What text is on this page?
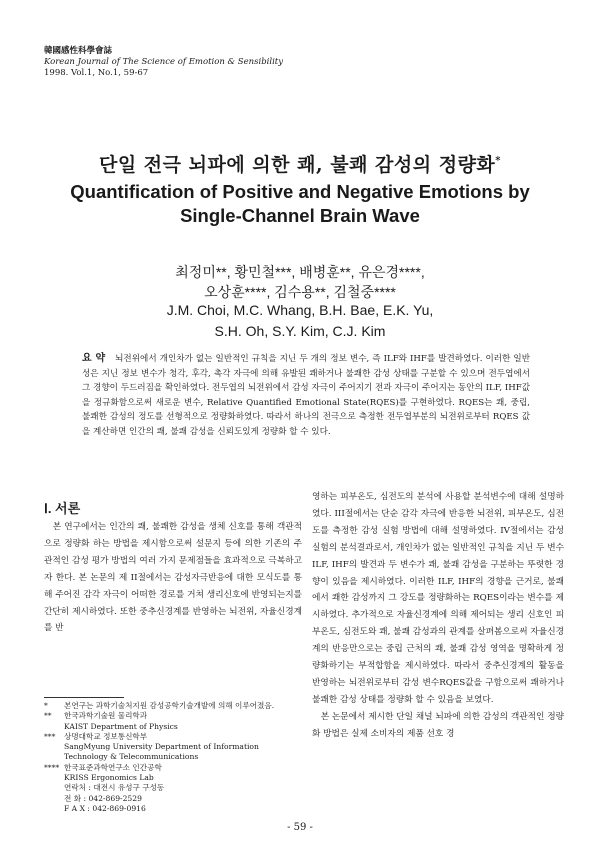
韓國感性科學會誌
Korean Journal of The Science of Emotion & Sensibility
1998. Vol.1, No.1, 59-67
단일 전극 뇌파에 의한 쾌, 불쾌 감성의 정량화*
Quantification of Positive and Negative Emotions by
Single-Channel Brain Wave
최정미**, 황민철***, 배병훈**, 유은경****,
오상훈****, 김수용**, 김철중****
J.M. Choi, M.C. Whang, B.H. Bae, E.K. Yu,
S.H. Oh, S.Y. Kim, C.J. Kim
요 약 뇌전위에서 개인차가 없는 일반적인 규칙을 지닌 두 개의 정보 변수, 즉 ILF와 IHF를 발견하였다. 이러한 일반성은 지닌 정보 변수가 청각, 후각, 촉각 자극에 의해 유발된 쾌하거나 불쾌한 감성 상태를 구분할 수 있으며 전두엽에서 그 경향이 두드러짐을 확인하였다. 전두엽의 뇌전위에서 감성 자극이 주어지기 전과 자극이 주어지는 동안의 ILF, IHF값을 정규화함으로써 새로운 변수, Relative Quantified Emotional State(RQES)를 구현하였다. RQES는 쾌, 중립, 불쾌한 감성의 정도를 선형적으로 정량화하였다. 따라서 하나의 전극으로 측정한 전두엽부분의 뇌전위로부터 RQES 값을 계산하면 인간의 쾌, 불쾌 감성을 신뢰도있게 정량화 할 수 있다.
Ⅰ. 서론

본 연구에서는 인간의 쾌, 불쾌한 감성을 생체 신호를 통해 객관적으로 정량화 하는 방법을 제시함으로써 설문지 등에 의한 기존의 주관적인 감성 평가 방법의 여러 가지 문제점들을 효과적으로 극복하고자 한다. 본 논문의 제 II절에서는 감성자극반응에 대한 모식도를 통해 주어진 감각 자극이 어떠한 경로를 거쳐 생리신호에 반영되는지를 간단히 제시하였다. 또한 중추신경계를 반영하는 뇌전위, 자율신경계를 반

영하는 피부온도, 심전도의 분석에 사용할 분석변수에 대해 설명하였다. III절에서는 단순 감각 자극에 반응한 뇌전위, 피부온도, 심전도를 측정한 감성 실험 방법에 대해 설명하였다. IV절에서는 감성 실험의 분석결과로서, 개인차가 없는 일반적인 규칙을 지닌 두 변수ILF, IHF의 발견과 두 변수가 쾌, 불쾌 감성을 구분하는 뚜렷한 경향이 있음을 제시하였다. 이러한 ILF, IHF의 경향을 근거로, 불쾌에서 쾌한 감성까지 그 강도를 정량화하는 RQES이라는 변수를 제시하였다. 추가적으로 자율신경계에 의해 제어되는 생리 신호인 피부온도, 심전도와 쾌, 불쾌 감성과의 관계를 살펴봄으로써 자율신경계의 반응만으로는 중립 근처의 쾌, 불쾌 감성 영역을 명확하게 정량화하기는 부적합함을 제시하였다. 따라서 중추신경계의 활동을 반영하는 뇌전위로부터 감성 변수RQES값을 구함으로써 쾌하거나 불쾌한 감성 상태를 정량화 할 수 있음을 보였다.

본 논문에서 제시한 단일 채널 뇌파에 의한 감성의 객관적인 정량화 방법은 실제 소비자의 제품 선호 경

*	본연구는 과학기술처지원 감성공학기술개발에 의해 이루어졌음.
**	한국과학기술원 물리학과
KAIST Department of Physics
***	상명대학교 정보통신학부
SangMyung University Department of Information
Technology & Telecommunications
**** 한국표준과학연구소 인간공학
KRISS Ergonomics Lab
연락처 : 대전시 유성구 구성동
전 화 : 042-869-2529
F A X : 042-869-0916
- 59 -
